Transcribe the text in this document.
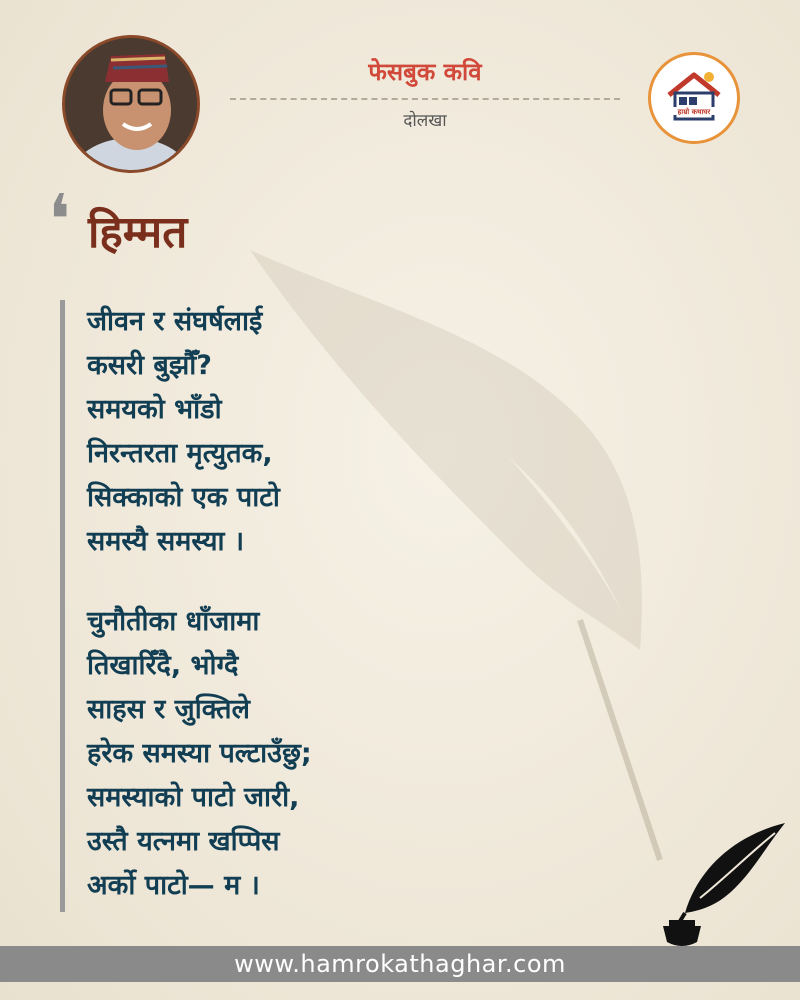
फेसबुक कवि
दोलखा	हाम्रो कथाघर
❛ हिम्मत
जीवन र संघर्षलाई
कसरी बुझौँ?
समयको भाँडो
निरन्तरता मृत्युतक,
सिक्काको एक पाटो
समस्यै समस्या ।
चुनौतीका धाँजामा
तिखारिँदै, भोग्दै
साहस र जुक्तिले
हरेक समस्या पल्टाउँछु;
समस्याको पाटो जारी,
उस्तै यत्नमा खप्पिस
अर्को पाटो— म ।
www.hamrokathaghar.com
